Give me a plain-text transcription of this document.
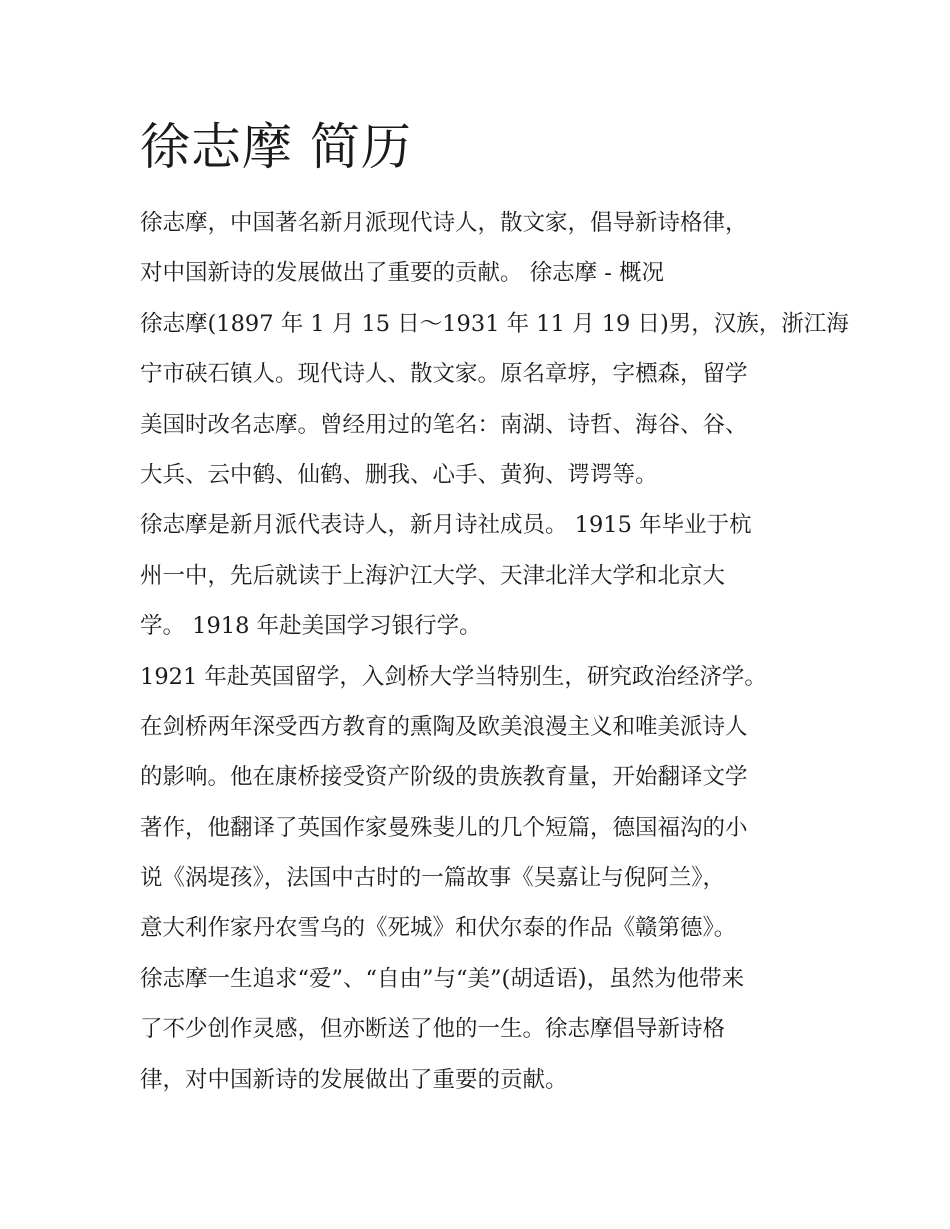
徐志摩 简历
徐志摩，中国著名新月派现代诗人，散文家，倡导新诗格律，
对中国新诗的发展做出了重要的贡献。 徐志摩 - 概况
徐志摩(1897 年 1 月 15 日～1931 年 11 月 19 日)男，汉族，浙江海
宁市硖石镇人。现代诗人、散文家。原名章垿，字槱森，留学
美国时改名志摩。曾经用过的笔名：南湖、诗哲、海谷、谷、
大兵、云中鹤、仙鹤、删我、心手、黄狗、谔谔等。
徐志摩是新月派代表诗人，新月诗社成员。 1915 年毕业于杭
州一中，先后就读于上海沪江大学、天津北洋大学和北京大
学。 1918 年赴美国学习银行学。
1921 年赴英国留学，入剑桥大学当特别生，研究政治经济学。
在剑桥两年深受西方教育的熏陶及欧美浪漫主义和唯美派诗人
的影响。他在康桥接受资产阶级的贵族教育量，开始翻译文学
著作，他翻译了英国作家曼殊斐儿的几个短篇，德国福沟的小
说《涡堤孩》，法国中古时的一篇故事《吴嘉让与倪阿兰》，
意大利作家丹农雪乌的《死城》和伏尔泰的作品《赣第德》。
徐志摩一生追求“爱”、“自由”与“美”(胡适语)，虽然为他带来
了不少创作灵感，但亦断送了他的一生。徐志摩倡导新诗格
律，对中国新诗的发展做出了重要的贡献。
